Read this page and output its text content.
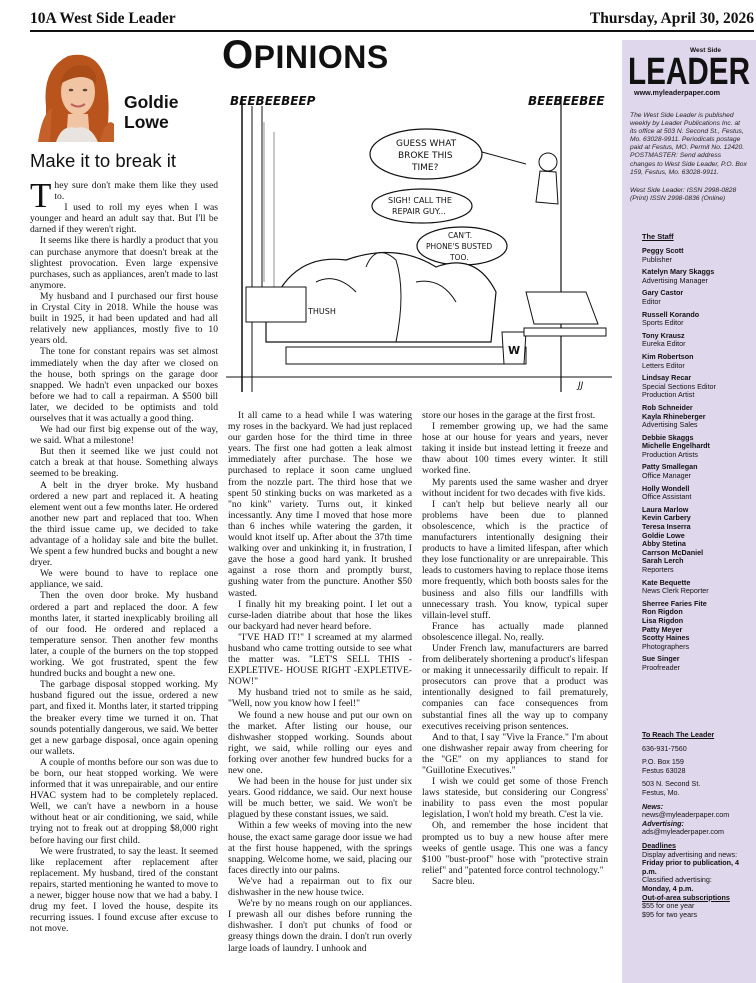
10A West Side Leader	Thursday, April 30, 2026
OPINIONS
Goldie
Lowe
Make it to break it

They sure don't make them like they used to.

I used to roll my eyes when I was younger and heard an adult say that. But I'll be darned if they weren't right.

It seems like there is hardly a product that you can purchase anymore that doesn't break at the slightest provocation. Even large expensive purchases, such as appliances, aren't made to last anymore.

My husband and I purchased our first house in Crystal City in 2018. While the house was built in 1925, it had been updated and had all relatively new appliances, mostly five to 10 years old.

The tone for constant repairs was set almost immediately when the day after we closed on the house, both springs on the garage door snapped. We hadn't even unpacked our boxes before we had to call a repairman. A $500 bill later, we decided to be optimists and told ourselves that it was actually a good thing.

We had our first big expense out of the way, we said. What a milestone!

But then it seemed like we just could not catch a break at that house. Something always seemed to be breaking.

A belt in the dryer broke. My husband ordered a new part and replaced it. A heating element went out a few months later. He ordered another new part and replaced that too. When the third issue came up, we decided to take advantage of a holiday sale and bite the bullet. We spent a few hundred bucks and bought a new dryer.

We were bound to have to replace one appliance, we said.

Then the oven door broke. My husband ordered a part and replaced the door. A few months later, it started inexplicably broiling all of our food. He ordered and replaced a temperature sensor. Then another few months later, a couple of the burners on the top stopped working. We got frustrated, spent the few hundred bucks and bought a new one.

The garbage disposal stopped working. My husband figured out the issue, ordered a new part, and fixed it. Months later, it started tripping the breaker every time we turned it on. That sounds potentially dangerous, we said. We better get a new garbage disposal, once again opening our wallets.

A couple of months before our son was due to be born, our heat stopped working. We were informed that it was unrepairable, and our entire HVAC system had to be completely replaced. Well, we can't have a newborn in a house without heat or air conditioning, we said, while trying not to freak out at dropping $8,000 right before having our first child.

We were frustrated, to say the least. It seemed like replacement after replacement after replacement. My husband, tired of the constant repairs, started mentioning he wanted to move to a newer, bigger house now that we had a baby. I drug my feet. I loved the house, despite its recurring issues. I found excuse after excuse to not move.

BEEBEEBEEP	BEEBEEBEE
GUESS WHAT
BROKE THIS
TIME?
SIGH! CALL THE
REPAIR GUY...
CAN'T.
PHONE'S BUSTED
TOO.
THUSH
W
JJ

It all came to a head while I was watering my roses in the backyard. We had just replaced our garden hose for the third time in three years. The first one had gotten a leak almost immediately after purchase. The hose we purchased to replace it soon came unglued from the nozzle part. The third hose that we spent 50 stinking bucks on was marketed as a "no kink" variety. Turns out, it kinked incessantly. Any time I moved that hose more than 6 inches while watering the garden, it would knot itself up. After about the 37th time walking over and unkinking it, in frustration, I gave the hose a good hard yank. It brushed against a rose thorn and promptly burst, gushing water from the puncture. Another $50 wasted.

I finally hit my breaking point. I let out a curse-laden diatribe about that hose the likes our backyard had never heard before.

"I'VE HAD IT!" I screamed at my alarmed husband who came trotting outside to see what the matter was. "LET'S SELL THIS -EXPLETIVE- HOUSE RIGHT -EXPLETIVE- NOW!"

My husband tried not to smile as he said, "Well, now you know how I feel!"

We found a new house and put our own on the market. After listing our house, our dishwasher stopped working. Sounds about right, we said, while rolling our eyes and forking over another few hundred bucks for a new one.

We had been in the house for just under six years. Good riddance, we said. Our next house will be much better, we said. We won't be plagued by these constant issues, we said.

Within a few weeks of moving into the new house, the exact same garage door issue we had at the first house happened, with the springs snapping. Welcome home, we said, placing our faces directly into our palms.

We've had a repairman out to fix our dishwasher in the new house twice.

We're by no means rough on our appliances. I prewash all our dishes before running the dishwasher. I don't put chunks of food or greasy things down the drain. I don't run overly large loads of laundry. I unhook and

store our hoses in the garage at the first frost.

I remember growing up, we had the same hose at our house for years and years, never taking it inside but instead letting it freeze and thaw about 100 times every winter. It still worked fine.

My parents used the same washer and dryer without incident for two decades with five kids.

I can't help but believe nearly all our problems have been due to planned obsolescence, which is the practice of manufacturers intentionally designing their products to have a limited lifespan, after which they lose functionality or are unrepairable. This leads to customers having to replace those items more frequently, which both boosts sales for the business and also fills our landfills with unnecessary trash. You know, typical super villain-level stuff.

France has actually made planned obsolescence illegal. No, really.

Under French law, manufacturers are barred from deliberately shortening a product's lifespan or making it unnecessarily difficult to repair. If prosecutors can prove that a product was intentionally designed to fail prematurely, companies can face consequences from substantial fines all the way up to company executives receiving prison sentences.

And to that, I say "Vive la France." I'm about one dishwasher repair away from cheering for the "GE" on my appliances to stand for "Guillotine Executives."

I wish we could get some of those French laws stateside, but considering our Congress' inability to pass even the most popular legislation, I won't hold my breath. C'est la vie.

Oh, and remember the hose incident that prompted us to buy a new house after mere weeks of gentle usage. This one was a fancy $100 "bust-proof" hose with "protective strain relief" and "patented force control technology."

Sacre bleu.

West Side
LEADER
www.myleaderpaper.com
The West Side Leader is published weekly by Leader Publications Inc. at its office at 503 N. Second St., Festus, Mo. 63028-9911. Periodicals postage paid at Festus, MO. Permit No. 12420. POSTMASTER: Send address changes to West Side Leader, P.O. Box 159, Festus, Mo. 63028-9911.
West Side Leader: ISSN 2998-0828 (Print) ISSN 2998-0836 (Online)
The Staff
Peggy Scott
Publisher
Katelyn Mary Skaggs
Advertising Manager
Gary Castor
Editor
Russell Korando
Sports Editor
Tony Krausz
Eureka Editor
Kim Robertson
Letters Editor
Lindsay Recar
Special Sections Editor Production Artist
Rob Schneider
Kayla Rhineberger
Advertising Sales
Debbie Skaggs
Michelle Engelhardt
Production Artists
Patty Smallegan
Office Manager
Holly Wondell
Office Assistant
Laura Marlow
Kevin Carbery
Teresa Inserra
Goldie Lowe
Abby Stetina
Carrson McDaniel
Sarah Lerch
Reporters
Kate Bequette
News Clerk Reporter
Sherree Faries Fite
Ron Rigdon
Lisa Rigdon
Patty Meyer
Scotty Haines
Photographers
Sue Singer
Proofreader
To Reach The Leader
636-931-7560
P.O. Box 159
Festus 63028
503 N. Second St.
Festus, Mo.
News:
news@myleaderpaper.com
Advertising:
ads@myleaderpaper.com
Deadlines
Display advertising and news:
Friday prior to publication, 4 p.m.
Classified advertising:
Monday, 4 p.m.
Out-of-area subscriptions
$55 for one year
$95 for two years
